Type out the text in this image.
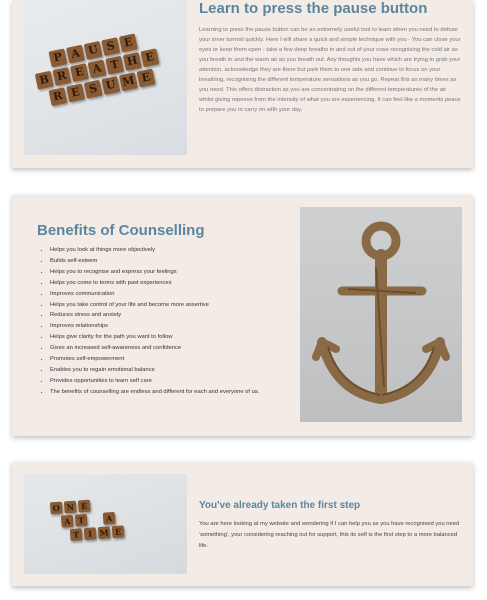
P A U S E
B R E A T H E
R E S U M E
Learn to press the pause button

Learning to press the pause button can be an extremely useful tool to learn when you need to defuse your inner turmoil quickly. Here I will share a quick and simple technique with you - You can close your eyes or keep them open - take a few deep breaths in and out of your nose recognising the cold air as you breath in and the warm air as you breath out. Any thoughts you have which are trying to grab your attention, acknowledge they are there but park them to one side and continue to focus on your breathing, recognising the different temperature sensations as you go. Repeat this as many times as you need. This offers distraction as you are concentrating on the different temperatures of the air whilst giving reprieve from the intensity of what you are experiencing. It can feel like a moments peace to prepare you to carry on with your day.

Benefits of Counselling
• Helps you look at things more objectively
• Builds self-esteem
• Helps you to recognise and express your feelings
• Helps you come to terms with past experiences
• Improves communication
• Helps you take control of your life and become more assertive
• Reduces stress and anxiety
• Improves relationships
• Helps give clarity for the path you want to follow
• Gives an increased self-awareness and confidence
• Promotes self-empowerment
• Enables you to regain emotional balance
• Provides opportunities to learn self care
• The benefits of counselling are endless and different for each and everyone of us.
O N E
A T	A
T I M E
You've already taken the first step

You are here looking at my website and wondering if I can help you as you have recognised you need 'something', your considering reaching out for support, this its self is the first step to a more balanced life.
